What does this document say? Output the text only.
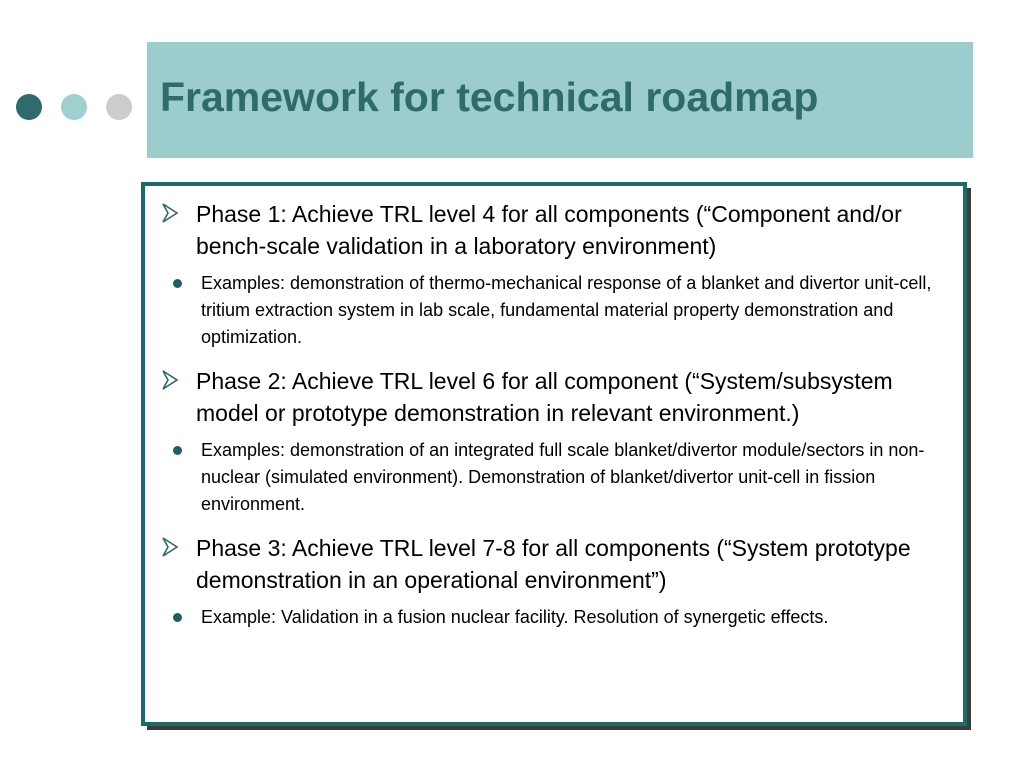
Framework for technical roadmap
Phase 1: Achieve TRL level 4 for all components (“Component and/or bench-scale validation in a laboratory environment)
Examples: demonstration of thermo-mechanical response of a blanket and divertor unit-cell, tritium extraction system in lab scale, fundamental material property demonstration and optimization.
Phase 2: Achieve TRL level 6 for all component (“System/subsystem model or prototype demonstration in relevant environment.)
Examples: demonstration of an integrated full scale blanket/divertor module/sectors in non-nuclear (simulated environment). Demonstration of blanket/divertor unit-cell in fission environment.
Phase 3: Achieve TRL level 7-8 for all components (“System prototype demonstration in an operational environment”)
Example: Validation in a fusion nuclear facility. Resolution of synergetic effects.
